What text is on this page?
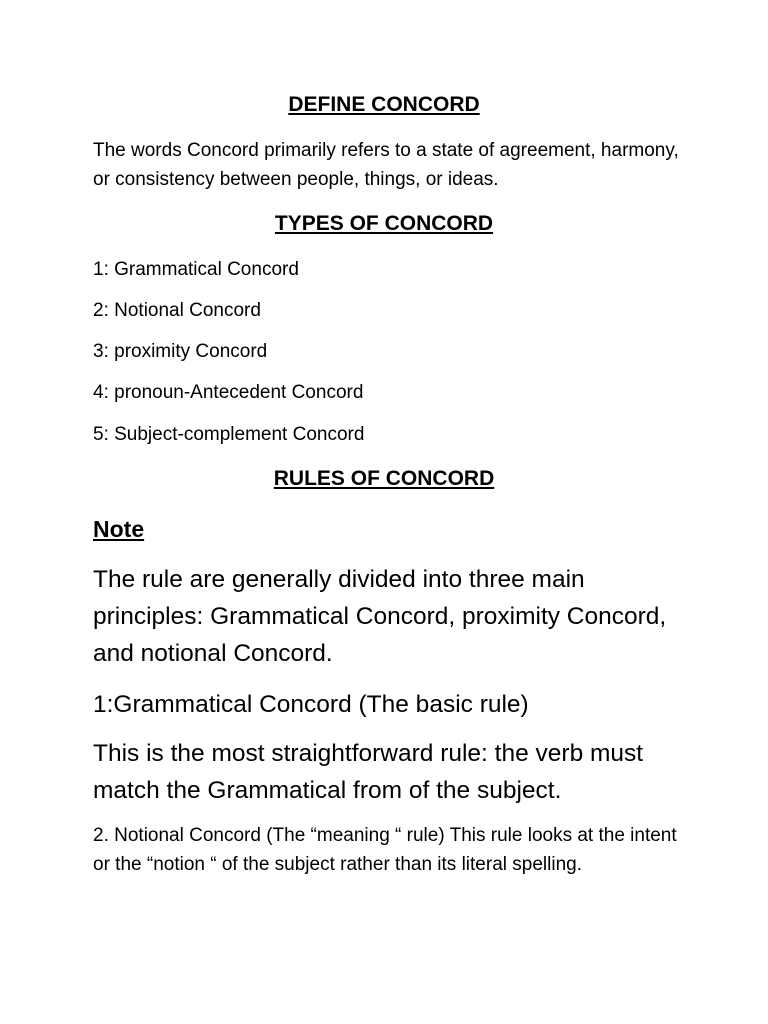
DEFINE CONCORD

The words Concord primarily refers to a state of agreement, harmony, or consistency between people, things, or ideas.

TYPES OF CONCORD

1: Grammatical Concord

2: Notional Concord

3: proximity Concord

4: pronoun-Antecedent Concord

5: Subject-complement Concord

RULES OF CONCORD

Note

The rule are generally divided into three main principles: Grammatical Concord, proximity Concord, and notional Concord.

1:Grammatical Concord (The basic rule)

This is the most straightforward rule: the verb must match the Grammatical from of the subject.

2. Notional Concord (The “meaning “ rule) This rule looks at the intent or the “notion “ of the subject rather than its literal spelling.
